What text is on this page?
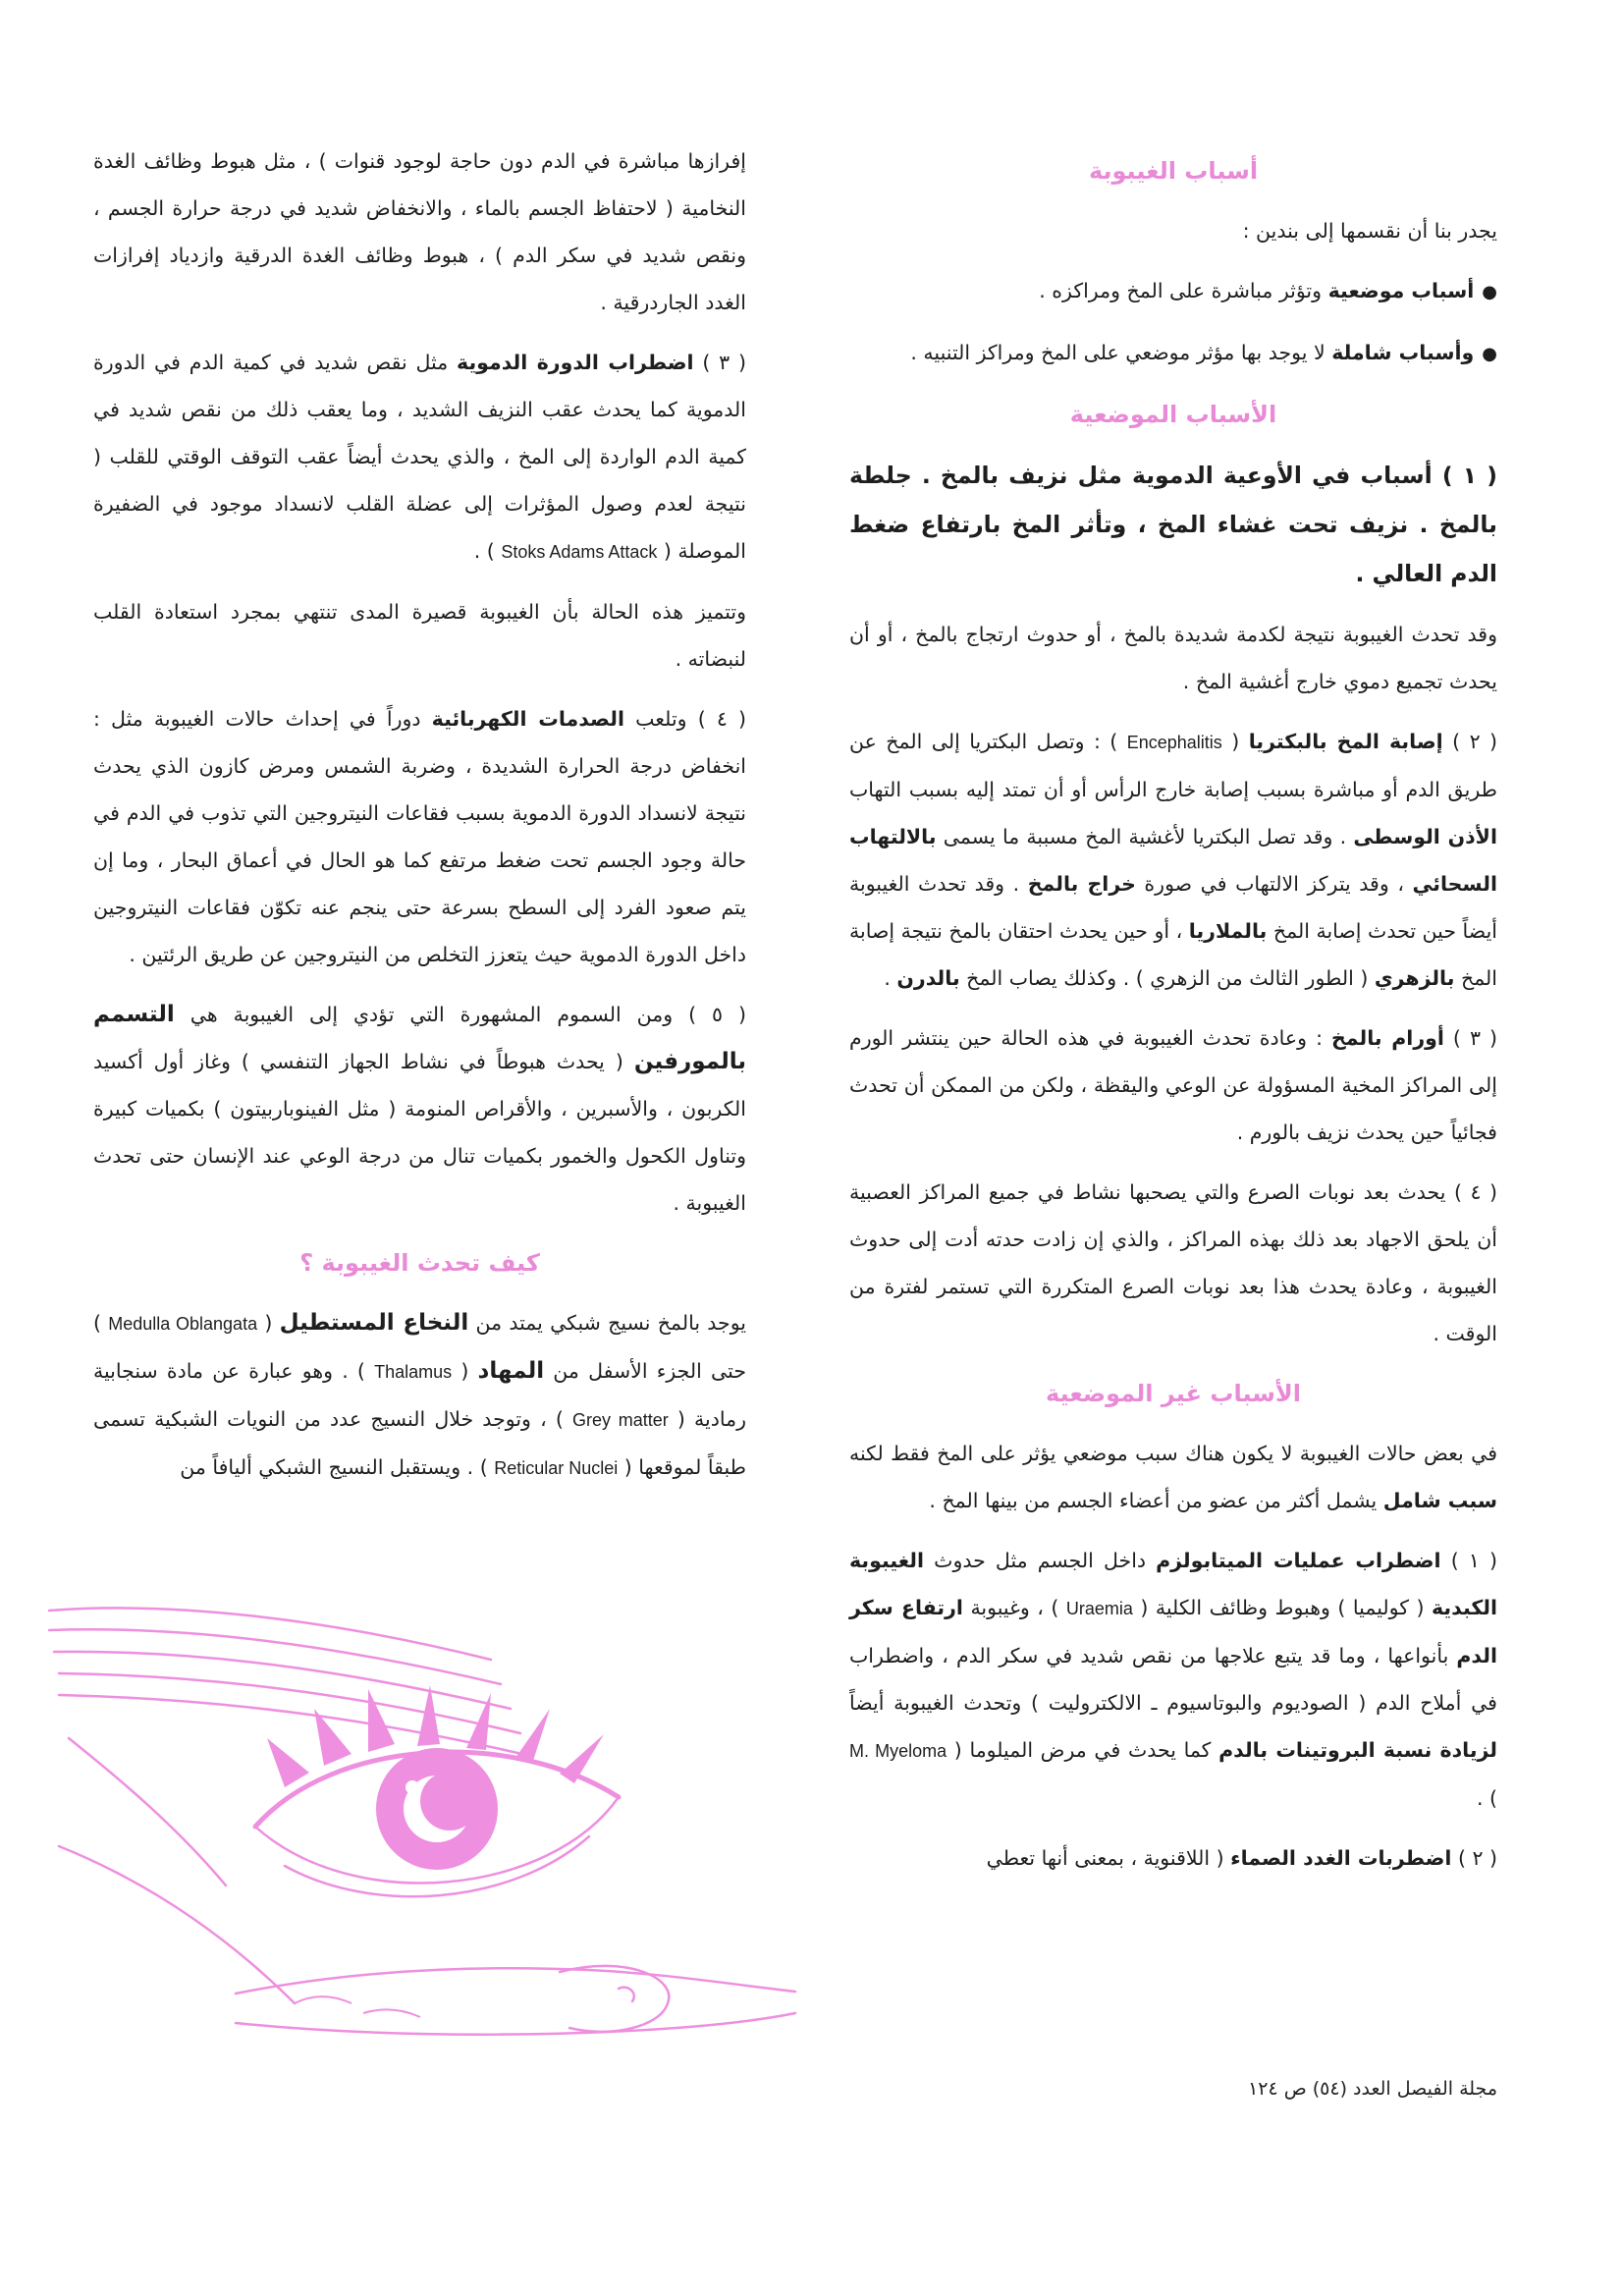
أسباب الغيبوبة

يجدر بنا أن نقسمها إلى بندين :

●أسباب موضعية وتؤثر مباشرة على المخ ومراكزه .

●وأسباب شاملة لا يوجد بها مؤثر موضعي على المخ ومراكز التنبيه .

الأسباب الموضعية

( ١ ) أسباب في الأوعية الدموية مثل نزيف بالمخ . جلطة بالمخ . نزيف تحت غشاء المخ ، وتأثر المخ بارتفاع ضغط الدم العالي .

وقد تحدث الغيبوبة نتيجة لكدمة شديدة بالمخ ، أو حدوث ارتجاج بالمخ ، أو أن يحدث تجميع دموي خارج أغشية المخ .

( ٢ ) إصابة المخ بالبكتريا ( Encephalitis ) : وتصل البكتريا إلى المخ عن طريق الدم أو مباشرة بسبب إصابة خارج الرأس أو أن تمتد إليه بسبب التهاب الأذن الوسطى . وقد تصل البكتريا لأغشية المخ مسببة ما يسمى بالالتهاب السحائي ، وقد يتركز الالتهاب في صورة خراج بالمخ . وقد تحدث الغيبوبة أيضاً حين تحدث إصابة المخ بالملاريا ، أو حين يحدث احتقان بالمخ نتيجة إصابة المخ بالزهري ( الطور الثالث من الزهري ) . وكذلك يصاب المخ بالدرن .

( ٣ ) أورام بالمخ : وعادة تحدث الغيبوبة في هذه الحالة حين ينتشر الورم إلى المراكز المخية المسؤولة عن الوعي واليقظة ، ولكن من الممكن أن تحدث فجائياً حين يحدث نزيف بالورم .

( ٤ ) يحدث بعد نوبات الصرع والتي يصحبها نشاط في جميع المراكز العصبية أن يلحق الاجهاد بعد ذلك بهذه المراكز ، والذي إن زادت حدته أدت إلى حدوث الغيبوبة ، وعادة يحدث هذا بعد نوبات الصرع المتكررة التي تستمر لفترة من الوقت .

الأسباب غير الموضعية

في بعض حالات الغيبوبة لا يكون هناك سبب موضعي يؤثر على المخ فقط لكنه سبب شامل يشمل أكثر من عضو من أعضاء الجسم من بينها المخ .

( ١ ) اضطراب عمليات الميتابولزم داخل الجسم مثل حدوث الغيبوبة الكبدية ( كوليميا ) وهبوط وظائف الكلية ( Uraemia ) ، وغيبوبة ارتفاع سكر الدم بأنواعها ، وما قد يتبع علاجها من نقص شديد في سكر الدم ، واضطراب في أملاح الدم ( الصوديوم والبوتاسيوم ـ الالكتروليت ) وتحدث الغيبوبة أيضاً لزيادة نسبة البروتينات بالدم كما يحدث في مرض الميلوما ( M. Myeloma ) .

( ٢ ) اضطربات الغدد الصماء ( اللاقنوية ، بمعنى أنها تعطي

إفرازها مباشرة في الدم دون حاجة لوجود قنوات ) ، مثل هبوط وظائف الغدة النخامية ( لاحتفاظ الجسم بالماء ، والانخفاض شديد في درجة حرارة الجسم ، ونقص شديد في سكر الدم ) ، هبوط وظائف الغدة الدرقية وازدياد إفرازات الغدد الجاردرقية .

( ٣ ) اضطراب الدورة الدموية مثل نقص شديد في كمية الدم في الدورة الدموية كما يحدث عقب النزيف الشديد ، وما يعقب ذلك من نقص شديد في كمية الدم الواردة إلى المخ ، والذي يحدث أيضاً عقب التوقف الوقتي للقلب ( نتيجة لعدم وصول المؤثرات إلى عضلة القلب لانسداد موجود في الضفيرة الموصلة ( Stoks Adams Attack ) .

وتتميز هذه الحالة بأن الغيبوبة قصيرة المدى تنتهي بمجرد استعادة القلب لنبضاته .

( ٤ ) وتلعب الصدمات الكهربائية دوراً في إحداث حالات الغيبوبة مثل : انخفاض درجة الحرارة الشديدة ، وضربة الشمس ومرض كازون الذي يحدث نتيجة لانسداد الدورة الدموية بسبب فقاعات النيتروجين التي تذوب في الدم في حالة وجود الجسم تحت ضغط مرتفع كما هو الحال في أعماق البحار ، وما إن يتم صعود الفرد إلى السطح بسرعة حتى ينجم عنه تكوّن فقاعات النيتروجين داخل الدورة الدموية حيث يتعزز التخلص من النيتروجين عن طريق الرئتين .

( ٥ ) ومن السموم المشهورة التي تؤدي إلى الغيبوبة هي التسمم بالمورفين ( يحدث هبوطاً في نشاط الجهاز التنفسي ) وغاز أول أكسيد الكربون ، والأسبرين ، والأقراص المنومة ( مثل الفينوباربيتون ) بكميات كبيرة وتناول الكحول والخمور بكميات تنال من درجة الوعي عند الإنسان حتى تحدث الغيبوبة .

كيف تحدث الغيبوبة ؟

يوجد بالمخ نسيج شبكي يمتد من النخاع المستطيل ( Medulla Oblangata ) حتى الجزء الأسفل من المهاد ( Thalamus ) . وهو عبارة عن مادة سنجابية رمادية ( Grey matter ) ، وتوجد خلال النسيج عدد من النويات الشبكية تسمى طبقاً لموقعها ( Reticular Nuclei ) . ويستقبل النسيج الشبكي أليافاً من

مجلة الفيصل العدد (٥٤) ص ١٢٤
